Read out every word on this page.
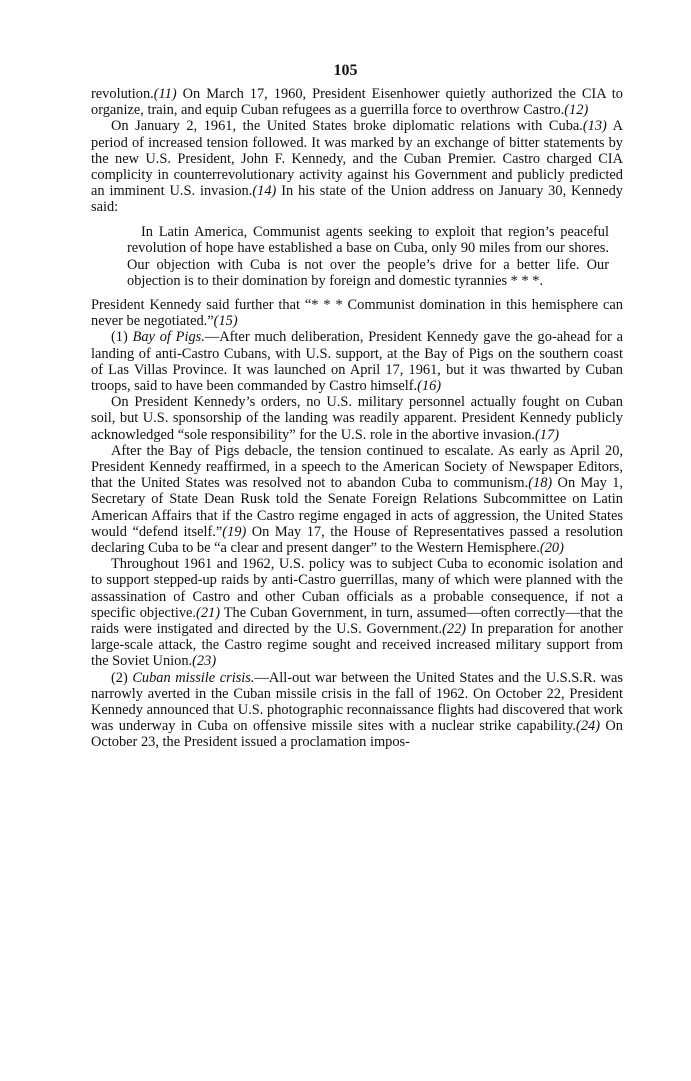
105

revolution.(11) On March 17, 1960, President Eisenhower quietly authorized the CIA to organize, train, and equip Cuban refugees as a guerrilla force to overthrow Castro.(12)

On January 2, 1961, the United States broke diplomatic relations with Cuba.(13) A period of increased tension followed. It was marked by an exchange of bitter statements by the new U.S. President, John F. Kennedy, and the Cuban Premier. Castro charged CIA complicity in counterrevolutionary activity against his Government and publicly predicted an imminent U.S. invasion.(14) In his state of the Union address on January 30, Kennedy said:

In Latin America, Communist agents seeking to exploit that region’s peaceful revolution of hope have established a base on Cuba, only 90 miles from our shores. Our objection with Cuba is not over the people’s drive for a better life. Our objection is to their domination by foreign and domestic tyrannies * * *.

President Kennedy said further that “* * * Communist domination in this hemisphere can never be negotiated.”(15)

(1) Bay of Pigs.—After much deliberation, President Kennedy gave the go-ahead for a landing of anti-Castro Cubans, with U.S. support, at the Bay of Pigs on the southern coast of Las Villas Province. It was launched on April 17, 1961, but it was thwarted by Cuban troops, said to have been commanded by Castro himself.(16)

On President Kennedy’s orders, no U.S. military personnel actually fought on Cuban soil, but U.S. sponsorship of the landing was readily apparent. President Kennedy publicly acknowledged “sole responsibility” for the U.S. role in the abortive invasion.(17)

After the Bay of Pigs debacle, the tension continued to escalate. As early as April 20, President Kennedy reaffirmed, in a speech to the American Society of Newspaper Editors, that the United States was resolved not to abandon Cuba to communism.(18) On May 1, Secretary of State Dean Rusk told the Senate Foreign Relations Subcommittee on Latin American Affairs that if the Castro regime engaged in acts of aggression, the United States would “defend itself.”(19) On May 17, the House of Representatives passed a resolution declaring Cuba to be “a clear and present danger” to the Western Hemisphere.(20)

Throughout 1961 and 1962, U.S. policy was to subject Cuba to economic isolation and to support stepped-up raids by anti-Castro guerrillas, many of which were planned with the assassination of Castro and other Cuban officials as a probable consequence, if not a specific objective.(21) The Cuban Government, in turn, assumed—often correctly—that the raids were instigated and directed by the U.S. Government.(22) In preparation for another large-scale attack, the Castro regime sought and received increased military support from the Soviet Union.(23)

(2) Cuban missile crisis.—All-out war between the United States and the U.S.S.R. was narrowly averted in the Cuban missile crisis in the fall of 1962. On October 22, President Kennedy announced that U.S. photographic reconnaissance flights had discovered that work was underway in Cuba on offensive missile sites with a nuclear strike capability.(24) On October 23, the President issued a proclamation impos-
